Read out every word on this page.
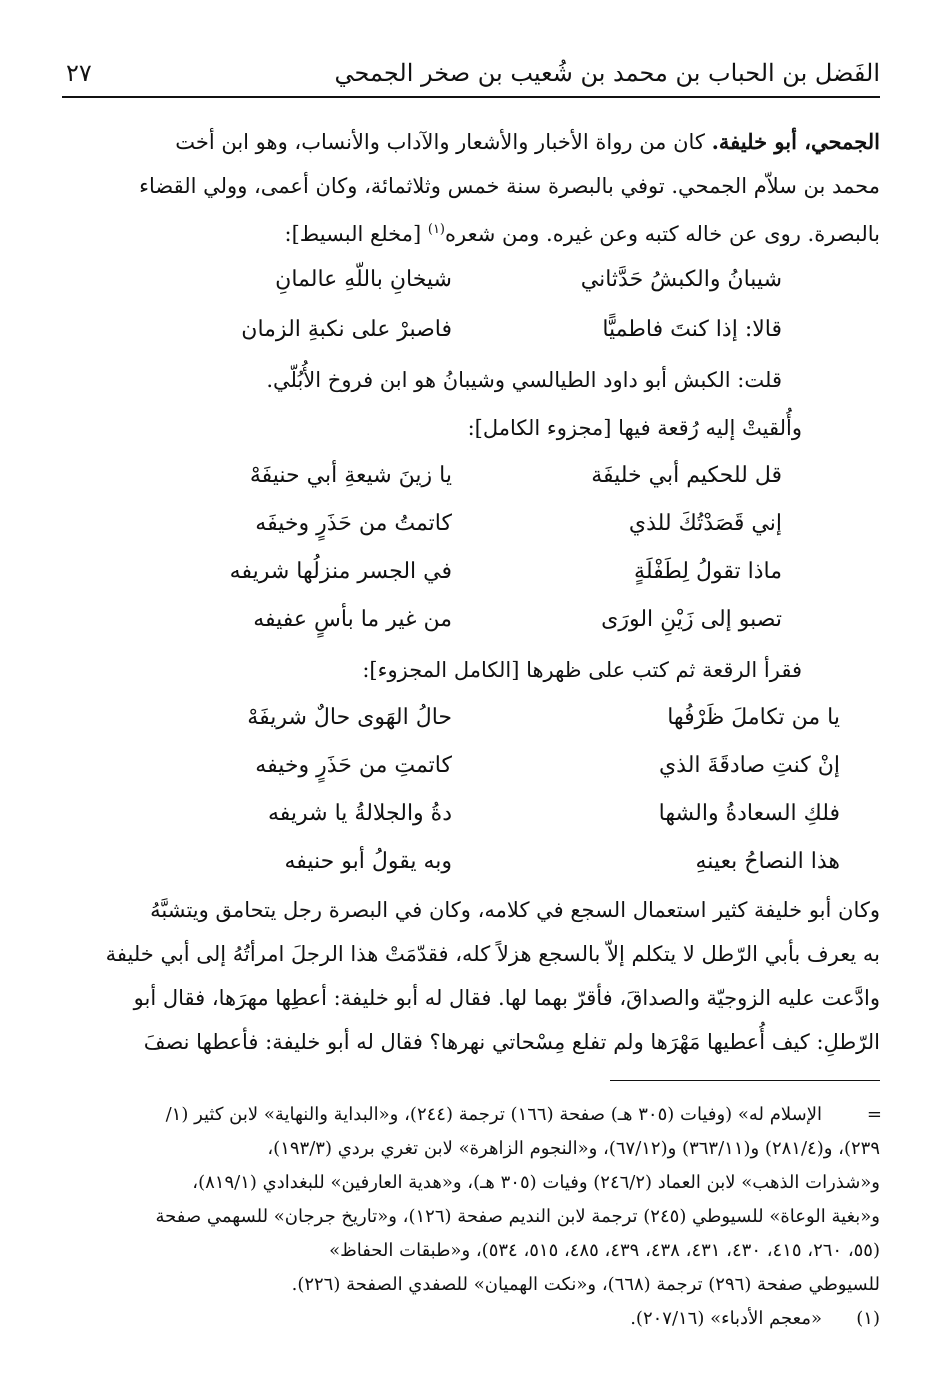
الفَضل بن الحباب بن محمد بن شُعيب بن صخر الجمحي
٢٧
الجمحي، أبو خليفة. كان من رواة الأخبار والأشعار والآداب والأنساب، وهو ابن أخت
محمد بن سلاّم الجمحي. توفي بالبصرة سنة خمس وثلاثمائة، وكان أعمى، وولي القضاء
بالبصرة. روى عن خاله كتبه وعن غيره. ومن شعره$^{(١)}$ [مخلع البسيط]:
شيبانُ والكبشُ حَدَّثاني
شيخانِ باللّهِ عالمانِ
قالا: إذا كنتَ فاطميًّا
فاصبرْ على نكبةِ الزمان
قلت: الكبش أبو داود الطيالسي وشيبانُ هو ابن فروخ الأُبُلّي.
وأُلقيتْ إليه رُقعة فيها [مجزوء الكامل]:
قل للحكيم أبي خليفَة
يا زينَ شيعةِ أبي حنيفَهْ
إني قَصَدْتُكَ للذي
كاتمتُ من حَذَرٍ وخيفَه
ماذا تقولُ لِطَفْلَةٍ
في الجسر منزلُها شريفه
تصبو إلى زَيْنِ الورَى
من غير ما بأسٍ عفيفه
فقرأ الرقعة ثم كتب على ظهرها [الكامل المجزوء]:
يا من تكاملَ ظَرْفُها
حالُ الهَوى حالٌ شريفَهْ
إنْ كنتِ صادقَةَ الذي
كاتمتِ من حَذَرٍ وخيفه
فلكِ السعادةُ والشها
دةُ والجلالةُ يا شريفه
هذا النصاحُ بعينهِ
وبه يقولُ أبو حنيفه
وكان أبو خليفة كثير استعمال السجع في كلامه، وكان في البصرة رجل يتحامق ويتشبَّهُ
به يعرف بأبي الرّطل لا يتكلم إلاّ بالسجع هزلاً كله، فقدّمَتْ هذا الرجلَ امرأتُهُ إلى أبي خليفة
وادَّعت عليه الزوجيّة والصداقَ، فأقرّ بهما لها. فقال له أبو خليفة: أعطِها مهرَها، فقال أبو
الرّطلِ: كيف أُعطيها مَهْرَها ولم تفلع مِسْحاتي نهرها؟ فقال له أبو خليفة: فأعطها نصفَ
=
الإسلام له» (وفيات (٣٠٥ هـ) صفحة (١٦٦) ترجمة (٢٤٤)، و«البداية والنهاية» لابن كثير (١/
٢٣٩)، و(٢٨١/٤) و(٣٦٣/١١) و(٦٧/١٢)، و«النجوم الزاهرة» لابن تغري بردي (١٩٣/٣)،
و«شذرات الذهب» لابن العماد (٢٤٦/٢) وفيات (٣٠٥ هـ)، و«هدية العارفين» للبغدادي (٨١٩/١)،
و«بغية الوعاة» للسيوطي (٢٤٥) ترجمة لابن النديم صفحة (١٢٦)، و«تاريخ جرجان» للسهمي صفحة
(٥٥، ٢٦٠، ٤١٥، ٤٣٠، ٤٣١، ٤٣٨، ٤٣٩، ٤٨٥، ٥١٥، ٥٣٤)، و«طبقات الحفاظ»
للسيوطي صفحة (٢٩٦) ترجمة (٦٦٨)، و«نكت الهميان» للصفدي الصفحة (٢٢٦).
(١)
«معجم الأدباء» (٢٠٧/١٦).
